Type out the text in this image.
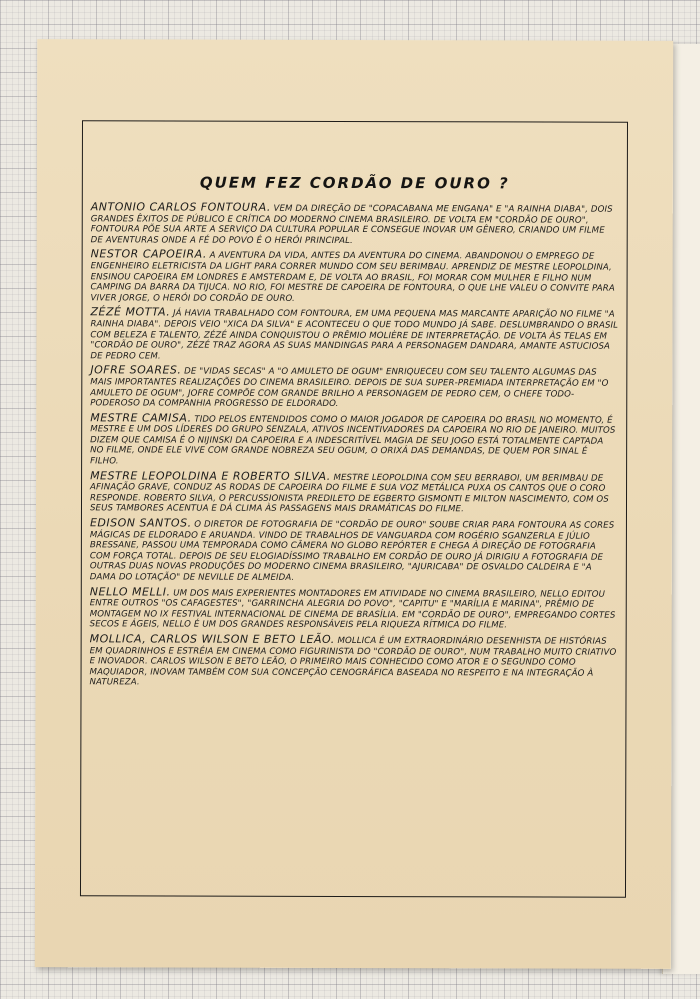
QUEM FEZ CORDÃO DE OURO ?

ANTONIO CARLOS FONTOURA. VEM DA DIREÇÃO DE "COPACABANA ME ENGANA" E "A RAINHA DIABA", DOIS GRANDES ÊXITOS DE PÚBLICO E CRÍTICA DO MODERNO CINEMA BRASILEIRO. DE VOLTA EM "CORDÃO DE OURO", FONTOURA PÕE SUA ARTE A SERVIÇO DA CULTURA POPULAR E CONSEGUE INOVAR UM GÊNERO, CRIANDO UM FILME DE AVENTURAS ONDE A FÉ DO POVO É O HERÓI PRINCIPAL.

NESTOR CAPOEIRA. A AVENTURA DA VIDA, ANTES DA AVENTURA DO CINEMA. ABANDONOU O EMPREGO DE ENGENHEIRO ELETRICISTA DA LIGHT PARA CORRER MUNDO COM SEU BERIMBAU. APRENDIZ DE MESTRE LEOPOLDINA, ENSINOU CAPOEIRA EM LONDRES E AMSTERDAM E, DE VOLTA AO BRASIL, FOI MORAR COM MULHER E FILHO NUM CAMPING DA BARRA DA TIJUCA. NO RIO, FOI MESTRE DE CAPOEIRA DE FONTOURA, O QUE LHE VALEU O CONVITE PARA VIVER JORGE, O HERÓI DO CORDÃO DE OURO.

ZÉZÉ MOTTA. JÁ HAVIA TRABALHADO COM FONTOURA, EM UMA PEQUENA MAS MARCANTE APARIÇÃO NO FILME "A RAINHA DIABA". DEPOIS VEIO "XICA DA SILVA" E ACONTECEU O QUE TODO MUNDO JÁ SABE. DESLUMBRANDO O BRASIL COM BELEZA E TALENTO, ZÉZÉ AINDA CONQUISTOU O PRÊMIO MOLIÈRE DE INTERPRETAÇÃO. DE VOLTA ÀS TELAS EM "CORDÃO DE OURO", ZÉZÉ TRAZ AGORA AS SUAS MANDINGAS PARA A PERSONAGEM DANDARA, AMANTE ASTUCIOSA DE PEDRO CEM.

JOFRE SOARES. DE "VIDAS SECAS" A "O AMULETO DE OGUM" ENRIQUECEU COM SEU TALENTO ALGUMAS DAS MAIS IMPORTANTES REALIZAÇÕES DO CINEMA BRASILEIRO. DEPOIS DE SUA SUPER-PREMIADA INTERPRETAÇÃO EM "O AMULETO DE OGUM", JOFRE COMPÕE COM GRANDE BRILHO A PERSONAGEM DE PEDRO CEM, O CHEFE TODO-PODEROSO DA COMPANHIA PROGRESSO DE ELDORADO.

MESTRE CAMISA. TIDO PELOS ENTENDIDOS COMO O MAIOR JOGADOR DE CAPOEIRA DO BRASIL NO MOMENTO, É MESTRE E UM DOS LÍDERES DO GRUPO SENZALA, ATIVOS INCENTIVADORES DA CAPOEIRA NO RIO DE JANEIRO. MUITOS DIZEM QUE CAMISA É O NIJINSKI DA CAPOEIRA E A INDESCRITÍVEL MAGIA DE SEU JOGO ESTÁ TOTALMENTE CAPTADA NO FILME, ONDE ELE VIVE COM GRANDE NOBREZA SEU OGUM, O ORIXÁ DAS DEMANDAS, DE QUEM POR SINAL É FILHO.

MESTRE LEOPOLDINA E ROBERTO SILVA. MESTRE LEOPOLDINA COM SEU BERRABOI, UM BERIMBAU DE AFINAÇÃO GRAVE, CONDUZ AS RODAS DE CAPOEIRA DO FILME E SUA VOZ METÁLICA PUXA OS CANTOS QUE O CORO RESPONDE. ROBERTO SILVA, O PERCUSSIONISTA PREDILETO DE EGBERTO GISMONTI E MILTON NASCIMENTO, COM OS SEUS TAMBORES ACENTUA E DÁ CLIMA ÀS PASSAGENS MAIS DRAMÁTICAS DO FILME.

EDISON SANTOS. O DIRETOR DE FOTOGRAFIA DE "CORDÃO DE OURO" SOUBE CRIAR PARA FONTOURA AS CORES MÁGICAS DE ELDORADO E ARUANDA. VINDO DE TRABALHOS DE VANGUARDA COM ROGÉRIO SGANZERLA E JÚLIO BRESSANE, PASSOU UMA TEMPORADA COMO CÂMERA NO GLOBO REPÓRTER E CHEGA À DIREÇÃO DE FOTOGRAFIA COM FORÇA TOTAL. DEPOIS DE SEU ELOGIADÍSSIMO TRABALHO EM CORDÃO DE OURO JÁ DIRIGIU A FOTOGRAFIA DE OUTRAS DUAS NOVAS PRODUÇÕES DO MODERNO CINEMA BRASILEIRO, "AJURICABA" DE OSVALDO CALDEIRA E "A DAMA DO LOTAÇÃO" DE NEVILLE DE ALMEIDA.

NELLO MELLI. UM DOS MAIS EXPERIENTES MONTADORES EM ATIVIDADE NO CINEMA BRASILEIRO, NELLO EDITOU ENTRE OUTROS "OS CAFAGESTES", "GARRINCHA ALEGRIA DO POVO", "CAPITU" E "MARÍLIA E MARINA", PRÊMIO DE MONTAGEM NO IX FESTIVAL INTERNACIONAL DE CINEMA DE BRASÍLIA. EM "CORDÃO DE OURO", EMPREGANDO CORTES SECOS E ÁGEIS, NELLO É UM DOS GRANDES RESPONSÁVEIS PELA RIQUEZA RÍTMICA DO FILME.

MOLLICA, CARLOS WILSON E BETO LEÃO. MOLLICA É UM EXTRAORDINÁRIO DESENHISTA DE HISTÓRIAS EM QUADRINHOS E ESTRÉIA EM CINEMA COMO FIGURINISTA DO "CORDÃO DE OURO", NUM TRABALHO MUITO CRIATIVO E INOVADOR. CARLOS WILSON E BETO LEÃO, O PRIMEIRO MAIS CONHECIDO COMO ATOR E O SEGUNDO COMO MAQUIADOR, INOVAM TAMBÉM COM SUA CONCEPÇÃO CENOGRÁFICA BASEADA NO RESPEITO E NA INTEGRAÇÃO À NATUREZA.
